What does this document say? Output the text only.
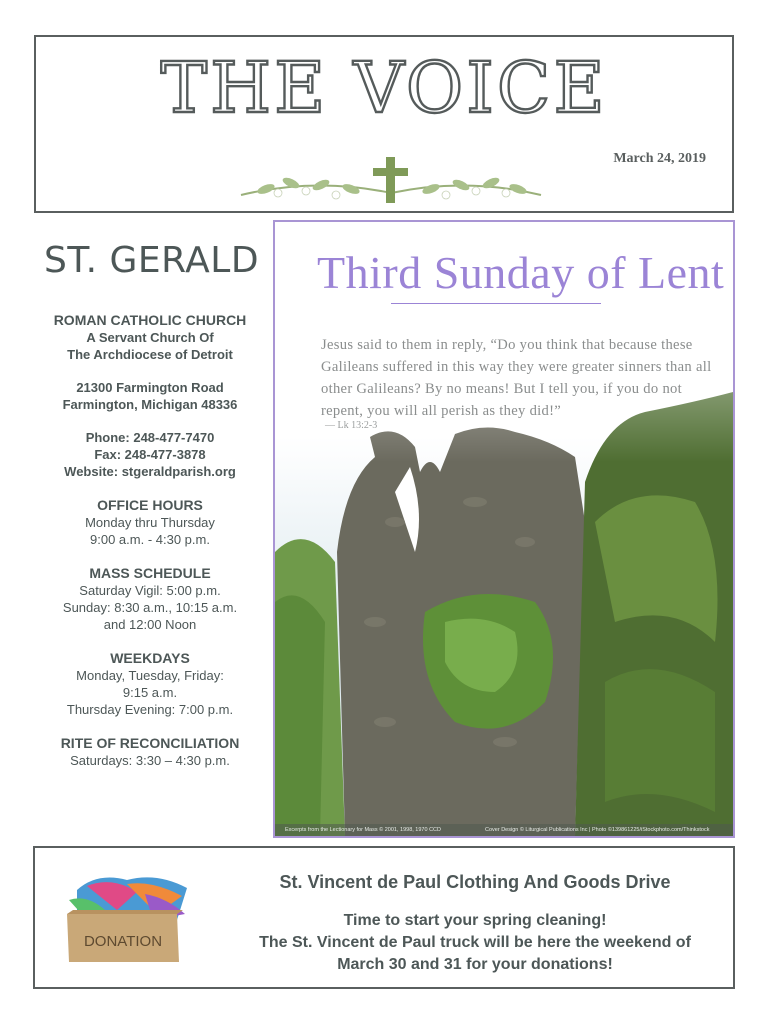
THE VOICE
March 24, 2019
ST. GERALD
ROMAN CATHOLIC CHURCH
A Servant Church Of
The Archdiocese of Detroit
21300 Farmington Road
Farmington, Michigan 48336
Phone: 248-477-7470
Fax: 248-477-3878
Website: stgeraldparish.org
OFFICE HOURS
Monday thru Thursday
9:00 a.m. - 4:30 p.m.
MASS SCHEDULE
Saturday Vigil: 5:00 p.m.
Sunday: 8:30 a.m., 10:15 a.m.
and 12:00 Noon
WEEKDAYS
Monday, Tuesday, Friday:
9:15 a.m.
Thursday Evening: 7:00 p.m.
RITE OF RECONCILIATION
Saturdays: 3:30 – 4:30 p.m.
Third Sunday of Lent
Jesus said to them in reply, “Do you think that because these Galileans suffered in this way they were greater sinners than all other Galileans? By no means! But I tell you, if you do not repent, you will all perish as they did!”
— Lk 13:2-3
Excerpts from the Lectionary for Mass © 2001, 1998, 1970 CCD	Cover Design © Liturgical Publications Inc | Photo ©139861225/iStockphoto.com/Thinkstock
DONATION
St. Vincent de Paul Clothing And Goods Drive
Time to start your spring cleaning!
The St. Vincent de Paul truck will be here the weekend of
March 30 and 31 for your donations!
